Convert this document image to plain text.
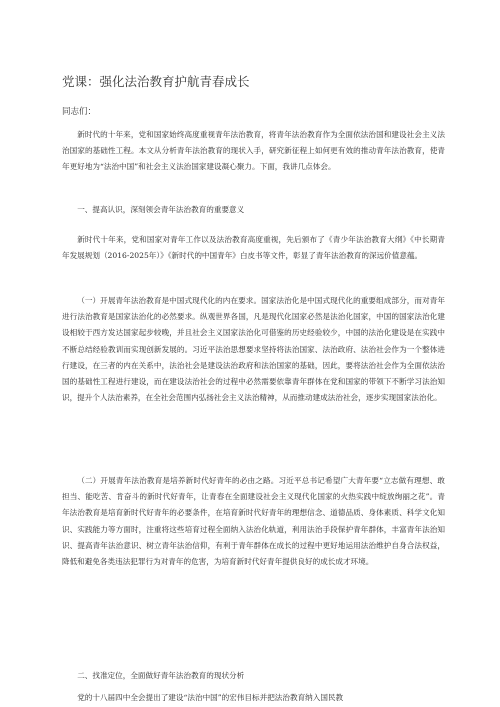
党课：强化法治教育护航青春成长
同志们：

新时代的十年来，党和国家始终高度重视青年法治教育，将青年法治教育作为全面依法治国和建设社会主义法治国家的基础性工程。本文从分析青年法治教育的现状入手，研究新征程上如何更有效的推动青年法治教育，使青年更好地为“法治中国”和社会主义法治国家建设凝心聚力。下面，我讲几点体会。

一、提高认识，深刻领会青年法治教育的重要意义

新时代十年来，党和国家对青年工作以及法治教育高度重视，先后颁布了《青少年法治教育大纲》《中长期青年发展规划（2016-2025年）》《新时代的中国青年》白皮书等文件，彰显了青年法治教育的深远价值意蕴。

（一）开展青年法治教育是中国式现代化的内在要求。国家法治化是中国式现代化的重要组成部分，而对青年进行法治教育是国家法治化的必然要求。纵观世界各国，凡是现代化国家必然是法治化国家，中国的国家法治化建设相较于西方发达国家起步较晚，并且社会主义国家法治化可借鉴的历史经验较少，中国的法治化建设是在实践中不断总结经验教训而实现创新发展的。习近平法治思想要求坚持将法治国家、法治政府、法治社会作为一个整体进行建设，在三者的内在关系中，法治社会是建设法治政府和法治国家的基础，因此，要将法治社会作为全面依法治国的基础性工程进行建设，而在建设法治社会的过程中必然需要依靠青年群体在党和国家的带领下不断学习法治知识，提升个人法治素养，在全社会范围内弘扬社会主义法治精神，从而推动建成法治社会，逐步实现国家法治化。

（二）开展青年法治教育是培养新时代好青年的必由之路。习近平总书记希望广大青年要“立志做有理想、敢担当、能吃苦、肯奋斗的新时代好青年，让青春在全面建设社会主义现代化国家的火热实践中绽放绚丽之花”。青年法治教育是培育新时代好青年的必要条件，在培育新时代好青年的理想信念、道德品质、身体素质、科学文化知识、实践能力等方面时，注重将这些培育过程全面纳入法治化轨道，利用法治手段保护青年群体，丰富青年法治知识、提高青年法治意识、树立青年法治信仰，有利于青年群体在成长的过程中更好地运用法治维护自身合法权益，降低和避免各类违法犯罪行为对青年的危害，为培育新时代好青年提供良好的成长成才环境。

二、找准定位，全面做好青年法治教育的现状分析

党的十八届四中全会提出了建设“法治中国”的宏伟目标并把法治教育纳入国民教
